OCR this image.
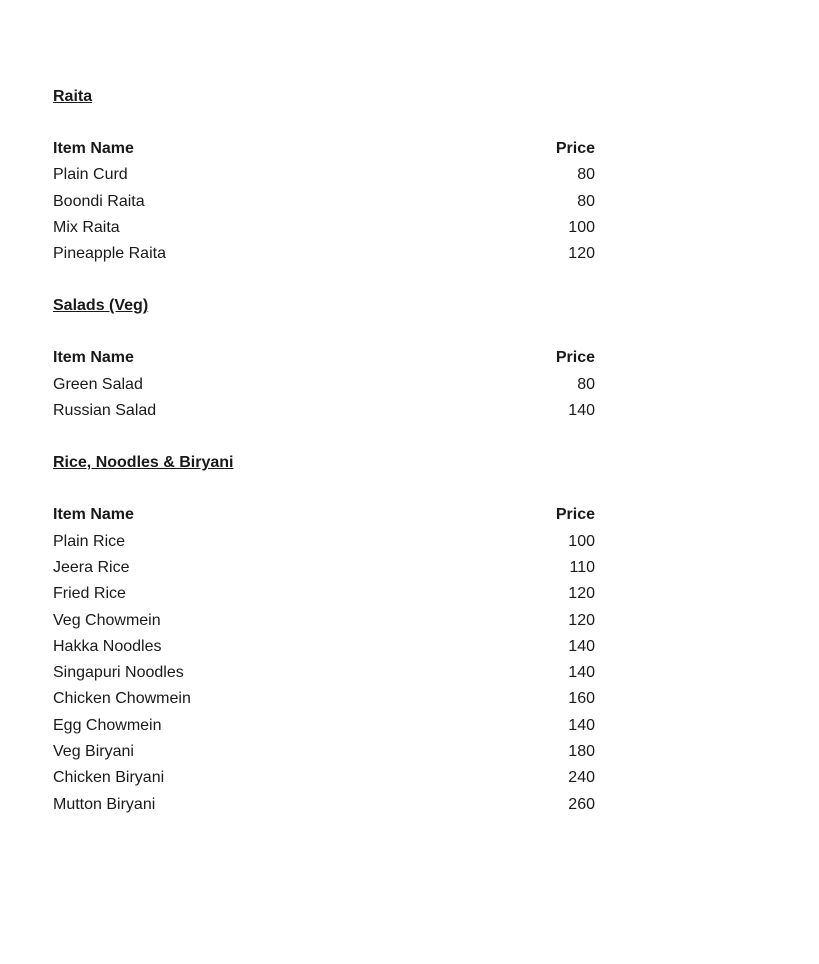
Raita
Item Name	Price
Plain Curd	80
Boondi Raita	80
Mix Raita	100
Pineapple Raita	120
Salads (Veg)
Item Name	Price
Green Salad	80
Russian Salad	140
Rice, Noodles & Biryani
Item Name	Price
Plain Rice	100
Jeera Rice	110
Fried Rice	120
Veg Chowmein	120
Hakka Noodles	140
Singapuri Noodles	140
Chicken Chowmein	160
Egg Chowmein	140
Veg Biryani	180
Chicken Biryani	240
Mutton Biryani	260
